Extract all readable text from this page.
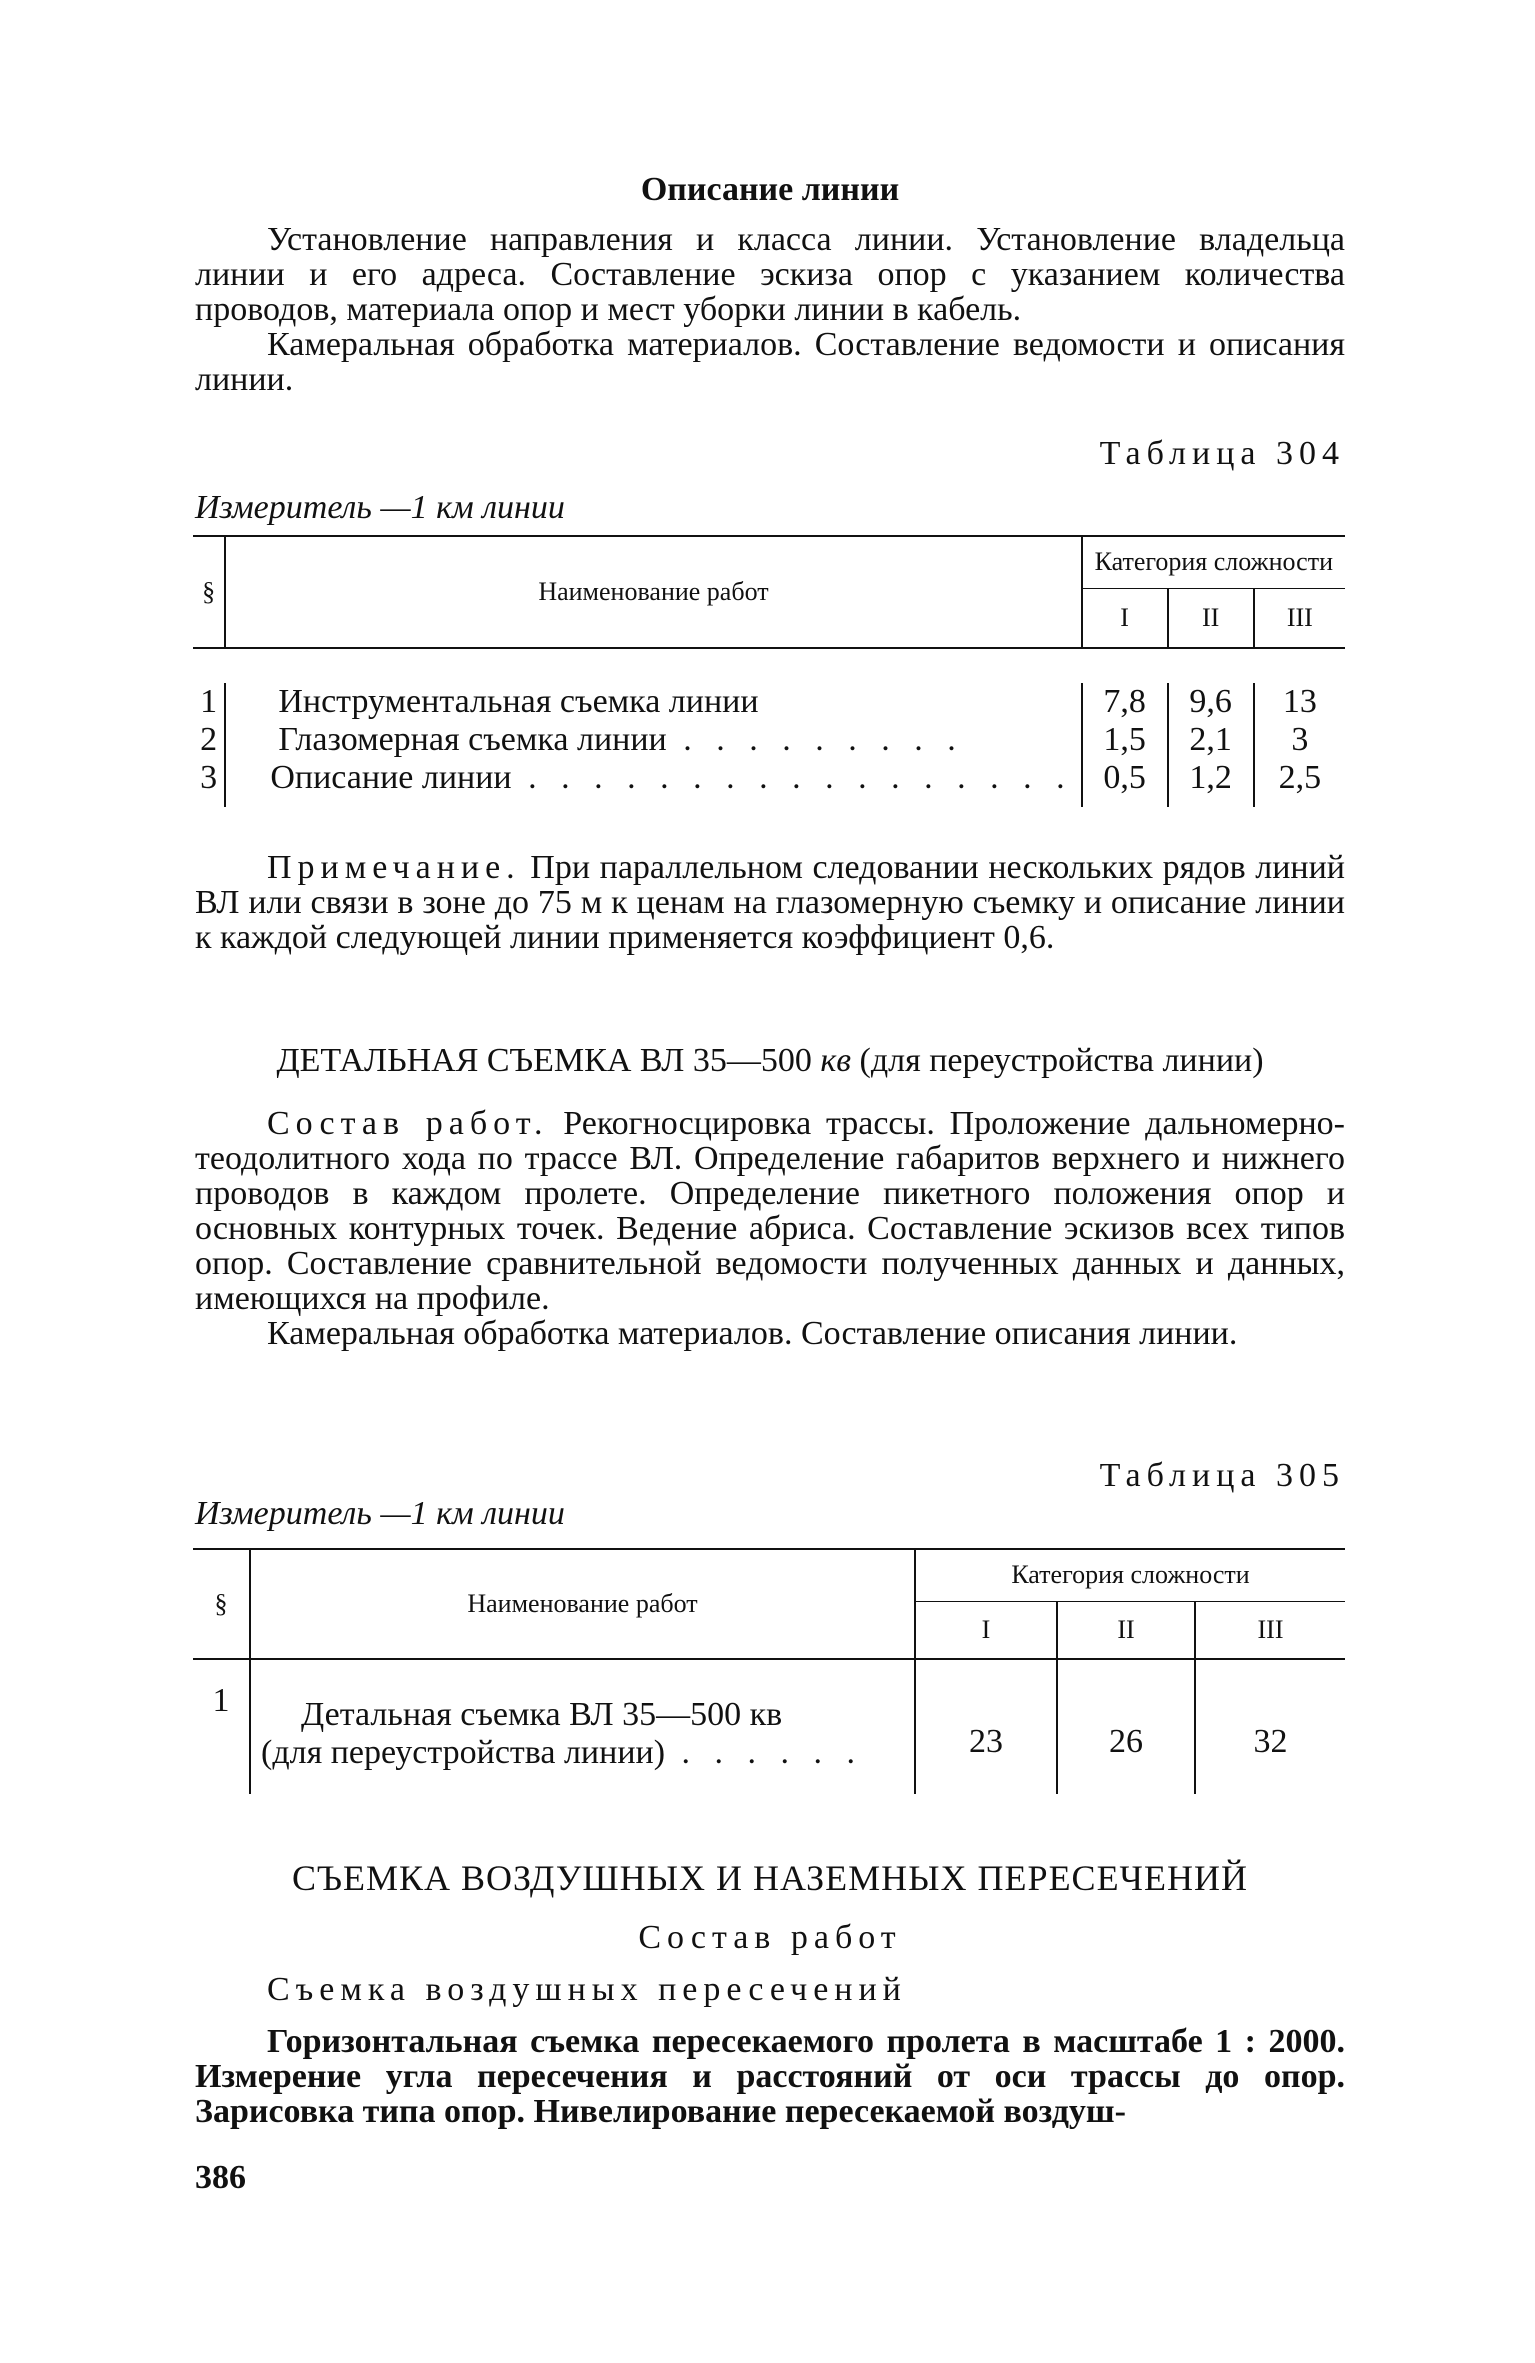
Описание линии

Установление направления и класса линии. Установление владельца линии и его адреса. Составление эскиза опор с указанием количества проводов, материала опор и мест уборки линии в кабель.

Камеральная обработка материалов. Составление ведомости и описания линии.

Таблица 304
Измеритель —1 км линии
§	Наименование работ	Категория сложности		
		I	II	III

1	Инструментальная съемка линии	7,8	9,6	13
2	Глазомерная съемка линии . . . . . . . . .	1,5	2,1	3
3	Описание линии . . . . . . . . . . . . . . . . .	0,5	1,2	2,5

Примечание. При параллельном следовании нескольких рядов линий ВЛ или связи в зоне до 75 м к ценам на глазомерную съемку и описание линии к каждой следующей линии применяется коэффициент 0,6.

ДЕТАЛЬНАЯ СЪЕМКА ВЛ 35—500 кв (для переустройства линии)

Состав работ. Рекогносцировка трассы. Проложение дальномерно-теодолитного хода по трассе ВЛ. Определение габаритов верхнего и нижнего проводов в каждом пролете. Определение пикетного положения опор и основных контурных точек. Ведение абриса. Составление эскизов всех типов опор. Составление сравнительной ведомости полученных данных и данных, имеющихся на профиле.

Камеральная обработка материалов. Составление описания линии.

Таблица 305
Измеритель —1 км линии
§	Наименование работ	Категория сложности		
		I	II	III
1	Детальная съемка ВЛ 35—500 кв
(для переустройства линии) . . . . . .	23	26	32
СЪЕМКА ВОЗДУШНЫХ И НАЗЕМНЫХ ПЕРЕСЕЧЕНИЙ
Состав работ
Съемка воздушных пересечений

Горизонтальная съемка пересекаемого пролета в масштабе 1 : 2000. Измерение угла пересечения и расстояний от оси трассы до опор. Зарисовка типа опор. Нивелирование пересекаемой воздуш-

386
